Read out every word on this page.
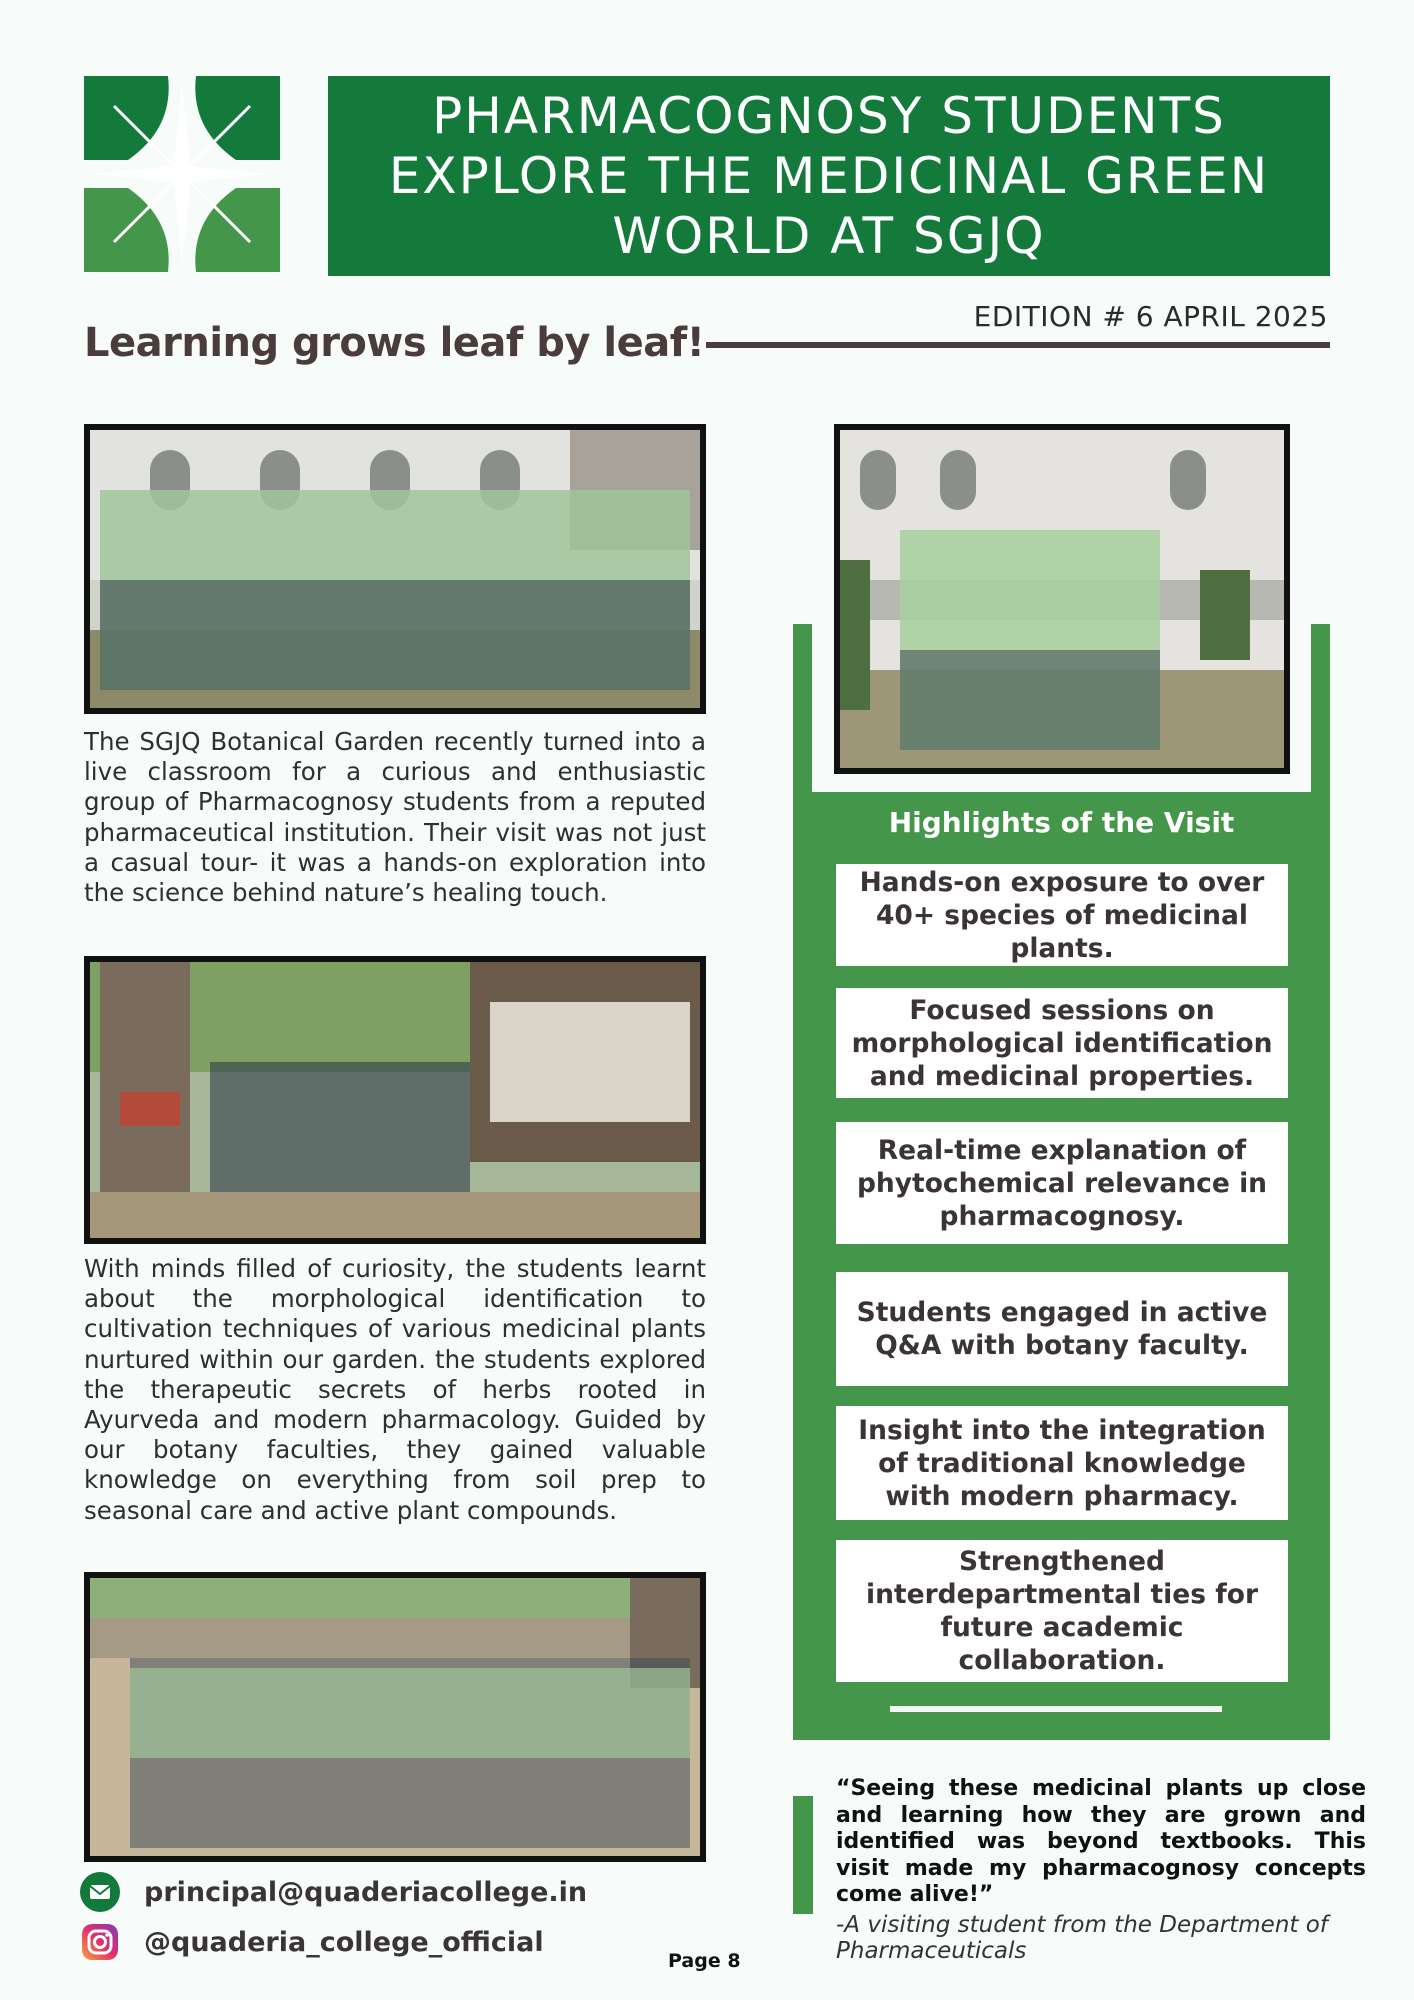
PHARMACOGNOSY STUDENTS
EXPLORE THE MEDICINAL GREEN
WORLD AT SGJQ
EDITION # 6 APRIL 2025
Learning grows leaf by leaf!
The SGJQ Botanical Garden recently turned into a live classroom for a curious and enthusiastic group of Pharmacognosy students from a reputed pharmaceutical institution. Their visit was not just a casual tour- it was a hands-on exploration into the science behind nature’s healing touch.
With minds filled of curiosity, the students learnt about the morphological identification to cultivation techniques of various medicinal plants nurtured within our garden. the students explored the therapeutic secrets of herbs rooted in Ayurveda and modern pharmacology. Guided by our botany faculties, they gained valuable knowledge on everything from soil prep to seasonal care and active plant compounds.
Highlights of the Visit
Hands-on exposure to over 40+ species of medicinal plants.
Focused sessions on morphological identification and medicinal properties.
Real-time explanation of phytochemical relevance in pharmacognosy.
Students engaged in active Q&A with botany faculty.
Insight into the integration of traditional knowledge with modern pharmacy.
Strengthened interdepartmental ties for future academic collaboration.
“Seeing these medicinal plants up close and learning how they are grown and identified was beyond textbooks. This visit made my pharmacognosy concepts come alive!”
-A visiting student from the Department of Pharmaceuticals
principal@quaderiacollege.in
@quaderia_college_official
Page 8
